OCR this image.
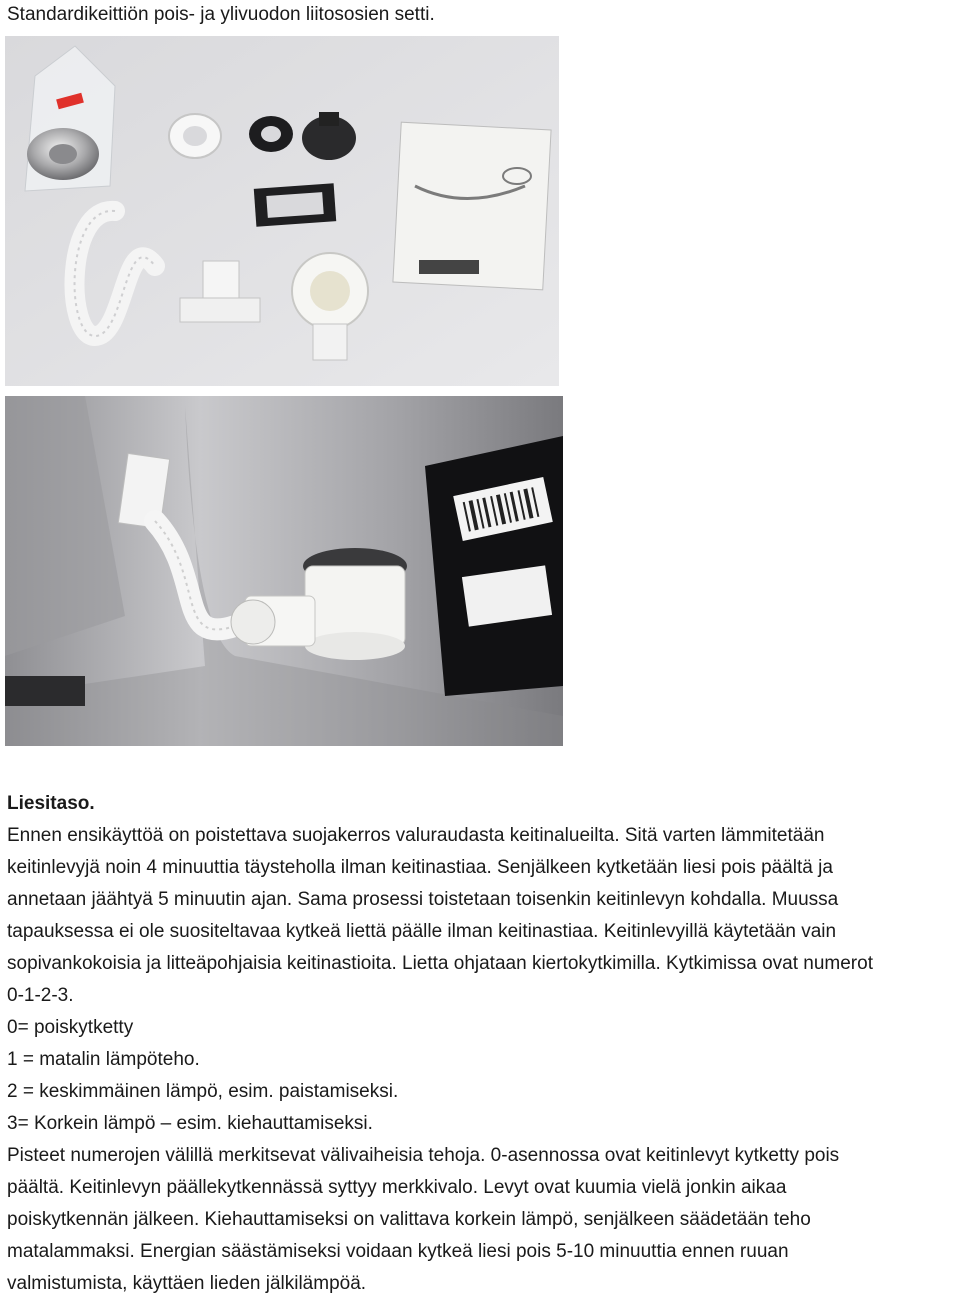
Standardikeittiön pois- ja ylivuodon liitososien setti.

Liesitaso.

Ennen ensikäyttöä on poistettava suojakerros valuraudasta keitinalueilta. Sitä varten lämmitetään

keitinlevyjä noin 4 minuuttia täysteholla ilman keitinastiaa. Senjälkeen kytketään liesi pois päältä ja

annetaan jäähtyä 5 minuutin ajan. Sama prosessi toistetaan toisenkin keitinlevyn kohdalla. Muussa

tapauksessa ei ole suositeltavaa kytkeä liettä päälle ilman keitinastiaa. Keitinlevyillä käytetään vain

sopivankokoisia ja litteäpohjaisia keitinastioita. Lietta ohjataan kiertokytkimilla. Kytkimissa ovat numerot

0-1-2-3.

0= poiskytketty

1 = matalin lämpöteho.

2 = keskimmäinen lämpö, esim. paistamiseksi.

3= Korkein lämpö – esim. kiehauttamiseksi.

Pisteet numerojen välillä merkitsevat välivaiheisia tehoja. 0-asennossa ovat keitinlevyt kytketty pois

päältä. Keitinlevyn päällekytkennässä syttyy merkkivalo. Levyt ovat kuumia vielä jonkin aikaa

poiskytkennän jälkeen. Kiehauttamiseksi on valittava korkein lämpö, senjälkeen säädetään teho

matalammaksi. Energian säästämiseksi voidaan kytkeä liesi pois 5-10 minuuttia ennen ruuan

valmistumista, käyttäen lieden jälkilämpöä.
